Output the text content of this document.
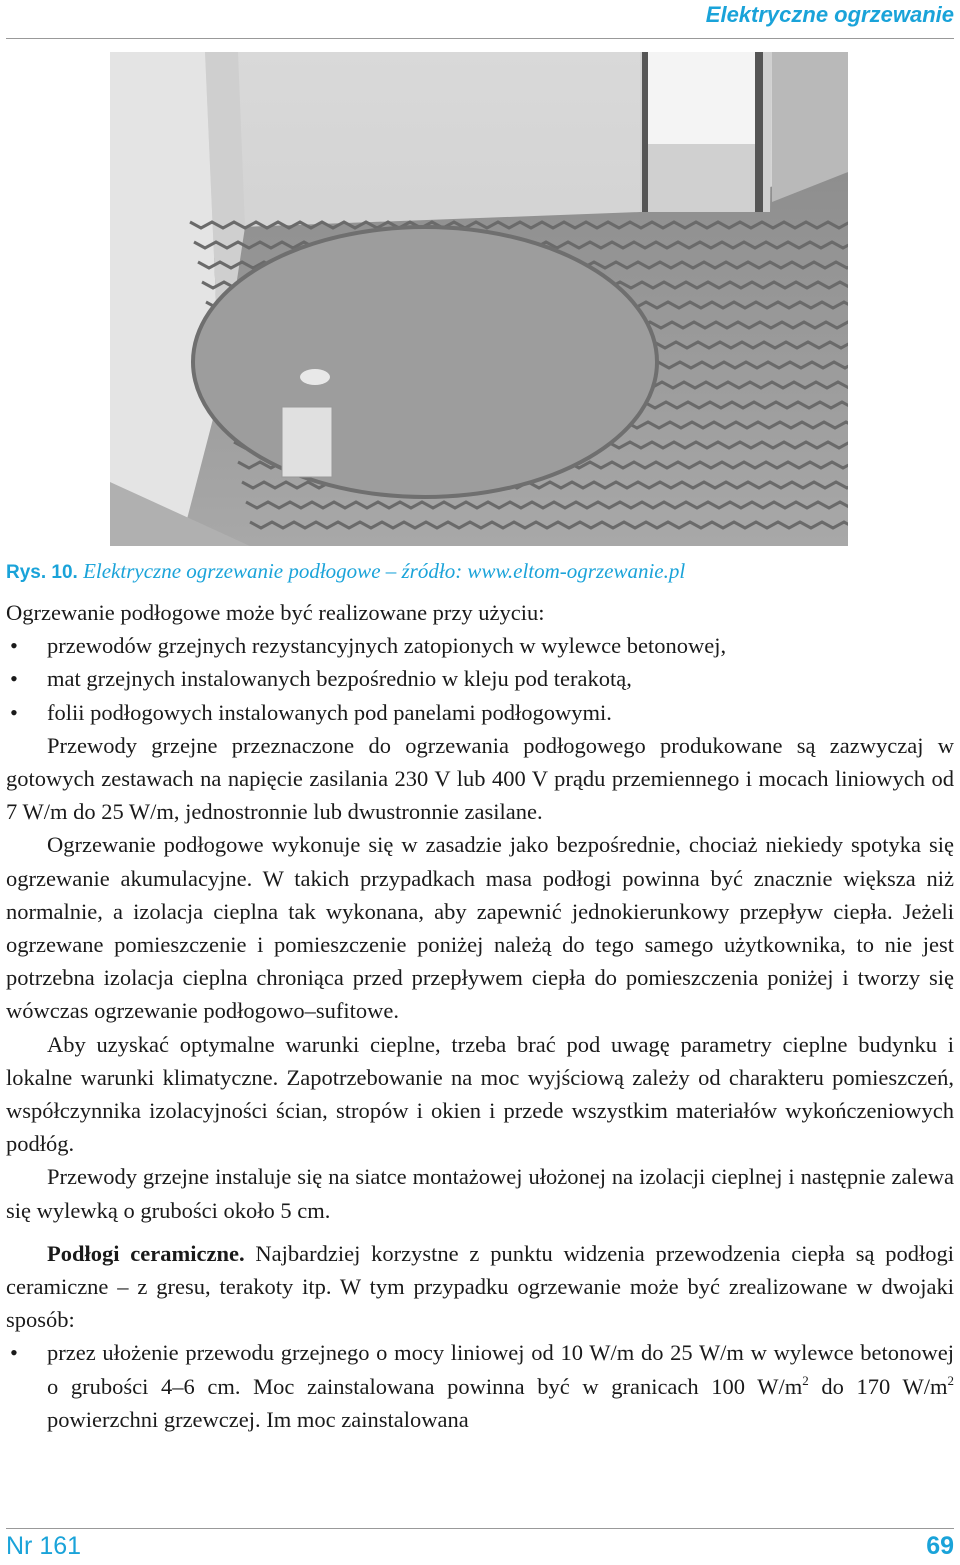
Elektryczne ogrzewanie
Rys. 10. Elektryczne ogrzewanie podłogowe – źródło: www.eltom-ogrzewanie.pl

Ogrzewanie podłogowe może być realizowane przy użyciu:

• przewodów grzejnych rezystancyjnych zatopionych w wylewce betonowej,
• mat grzejnych instalowanych bezpośrednio w kleju pod terakotą,
• folii podłogowych instalowanych pod panelami podłogowymi.

Przewody grzejne przeznaczone do ogrzewania podłogowego produkowane są zazwyczaj w gotowych zestawach na napięcie zasilania 230 V lub 400 V prądu przemiennego i mocach liniowych od 7 W/m do 25 W/m, jednostronnie lub dwustronnie zasilane.

Ogrzewanie podłogowe wykonuje się w zasadzie jako bezpośrednie, chociaż niekiedy spotyka się ogrzewanie akumulacyjne. W takich przypadkach masa podłogi powinna być znacznie większa niż normalnie, a izolacja cieplna tak wykonana, aby zapewnić jednokierunkowy przepływ ciepła. Jeżeli ogrzewane pomieszczenie i pomieszczenie poniżej należą do tego samego użytkownika, to nie jest potrzebna izolacja cieplna chroniąca przed przepływem ciepła do pomieszczenia poniżej i tworzy się wówczas ogrzewanie podłogowo–sufitowe.

Aby uzyskać optymalne warunki cieplne, trzeba brać pod uwagę parametry cieplne budynku i lokalne warunki klimatyczne. Zapotrzebowanie na moc wyjściową zależy od charakteru pomieszczeń, współczynnika izolacyjności ścian, stropów i okien i przede wszystkim materiałów wykończeniowych podłóg.

Przewody grzejne instaluje się na siatce montażowej ułożonej na izolacji cieplnej i następnie zalewa się wylewką o grubości około 5 cm.

Podłogi ceramiczne. Najbardziej korzystne z punktu widzenia przewodzenia ciepła są podłogi ceramiczne – z gresu, terakoty itp. W tym przypadku ogrzewanie może być zrealizowane w dwojaki sposób:

• przez ułożenie przewodu grzejnego o mocy liniowej od 10 W/m do 25 W/m w wylewce betonowej o grubości 4–6 cm. Moc zainstalowana powinna być w granicach 100 $W/m^2$ do 170 $W/m^2$ powierzchni grzewczej. Im moc zainstalowana
Nr 161	69
